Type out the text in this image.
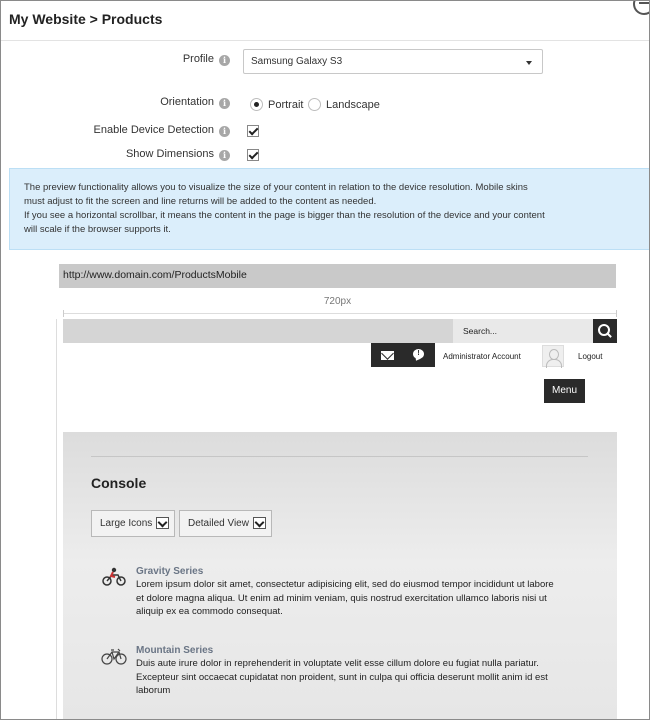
My Website > Products
Profile	i	Samsung Galaxy S3
Orientation	i	Portrait Landscape
Enable Device Detection	i
Show Dimensions	i

The preview functionality allows you to visualize the size of your content in relation to the device resolution. Mobile skins

must adjust to fit the screen and line returns will be added to the content as needed.

If you see a horizontal scrollbar, it means the content in the page is bigger than the resolution of the device and your content

will scale if the browser supports it.

http://www.domain.com/ProductsMobile
720px
Search...
!	Administrator Account	Logout
Menu
Console
Large Icons	Detailed View
Gravity Series
Lorem ipsum dolor sit amet, consectetur adipisicing elit, sed do eiusmod tempor incididunt ut labore et dolore magna aliqua. Ut enim ad minim veniam, quis nostrud exercitation ullamco laboris nisi ut aliquip ex ea commodo consequat.
Mountain Series
Duis aute irure dolor in reprehenderit in voluptate velit esse cillum dolore eu fugiat nulla pariatur. Excepteur sint occaecat cupidatat non proident, sunt in culpa qui officia deserunt mollit anim id est laborum
